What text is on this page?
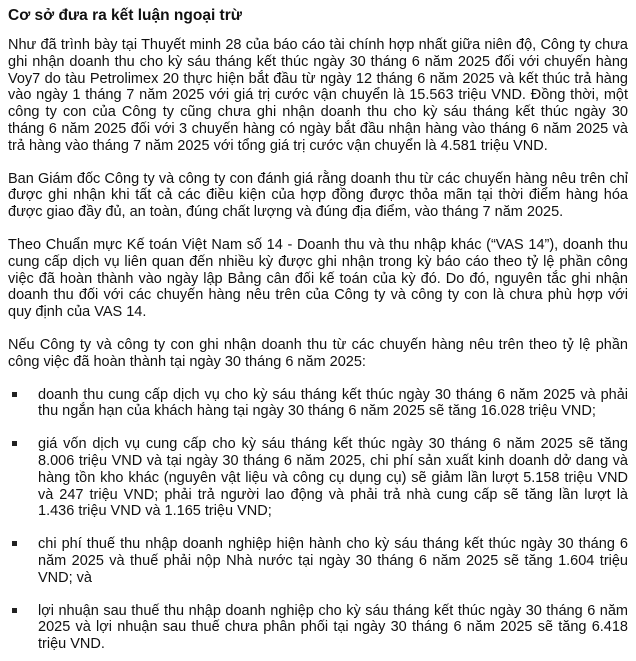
Cơ sở đưa ra kết luận ngoại trừ

Như đã trình bày tại Thuyết minh 28 của báo cáo tài chính hợp nhất giữa niên độ, Công ty chưa ghi nhận doanh thu cho kỳ sáu tháng kết thúc ngày 30 tháng 6 năm 2025 đối với chuyến hàng Voy7 do tàu Petrolimex 20 thực hiện bắt đầu từ ngày 12 tháng 6 năm 2025 và kết thúc trả hàng vào ngày 1 tháng 7 năm 2025 với giá trị cước vận chuyển là 15.563 triệu VND. Đồng thời, một công ty con của Công ty cũng chưa ghi nhận doanh thu cho kỳ sáu tháng kết thúc ngày 30 tháng 6 năm 2025 đối với 3 chuyến hàng có ngày bắt đầu nhận hàng vào tháng 6 năm 2025 và trả hàng vào tháng 7 năm 2025 với tổng giá trị cước vận chuyển là 4.581 triệu VND.

Ban Giám đốc Công ty và công ty con đánh giá rằng doanh thu từ các chuyến hàng nêu trên chỉ được ghi nhận khi tất cả các điều kiện của hợp đồng được thỏa mãn tại thời điểm hàng hóa được giao đầy đủ, an toàn, đúng chất lượng và đúng địa điểm, vào tháng 7 năm 2025.

Theo Chuẩn mực Kế toán Việt Nam số 14 - Doanh thu và thu nhập khác (“VAS 14”), doanh thu cung cấp dịch vụ liên quan đến nhiều kỳ được ghi nhận trong kỳ báo cáo theo tỷ lệ phần công việc đã hoàn thành vào ngày lập Bảng cân đối kế toán của kỳ đó. Do đó, nguyên tắc ghi nhận doanh thu đối với các chuyến hàng nêu trên của Công ty và công ty con là chưa phù hợp với quy định của VAS 14.

Nếu Công ty và công ty con ghi nhận doanh thu từ các chuyến hàng nêu trên theo tỷ lệ phần công việc đã hoàn thành tại ngày 30 tháng 6 năm 2025:

doanh thu cung cấp dịch vụ cho kỳ sáu tháng kết thúc ngày 30 tháng 6 năm 2025 và phải thu ngắn hạn của khách hàng tại ngày 30 tháng 6 năm 2025 sẽ tăng 16.028 triệu VND;
giá vốn dịch vụ cung cấp cho kỳ sáu tháng kết thúc ngày 30 tháng 6 năm 2025 sẽ tăng 8.006 triệu VND và tại ngày 30 tháng 6 năm 2025, chi phí sản xuất kinh doanh dở dang và hàng tồn kho khác (nguyên vật liệu và công cụ dụng cụ) sẽ giảm lần lượt 5.158 triệu VND và 247 triệu VND; phải trả người lao động và phải trả nhà cung cấp sẽ tăng lần lượt là 1.436 triệu VND và 1.165 triệu VND;
chi phí thuế thu nhập doanh nghiệp hiện hành cho kỳ sáu tháng kết thúc ngày 30 tháng 6 năm 2025 và thuế phải nộp Nhà nước tại ngày 30 tháng 6 năm 2025 sẽ tăng 1.604 triệu VND; và
lợi nhuận sau thuế thu nhập doanh nghiệp cho kỳ sáu tháng kết thúc ngày 30 tháng 6 năm 2025 và lợi nhuận sau thuế chưa phân phối tại ngày 30 tháng 6 năm 2025 sẽ tăng 6.418 triệu VND.
